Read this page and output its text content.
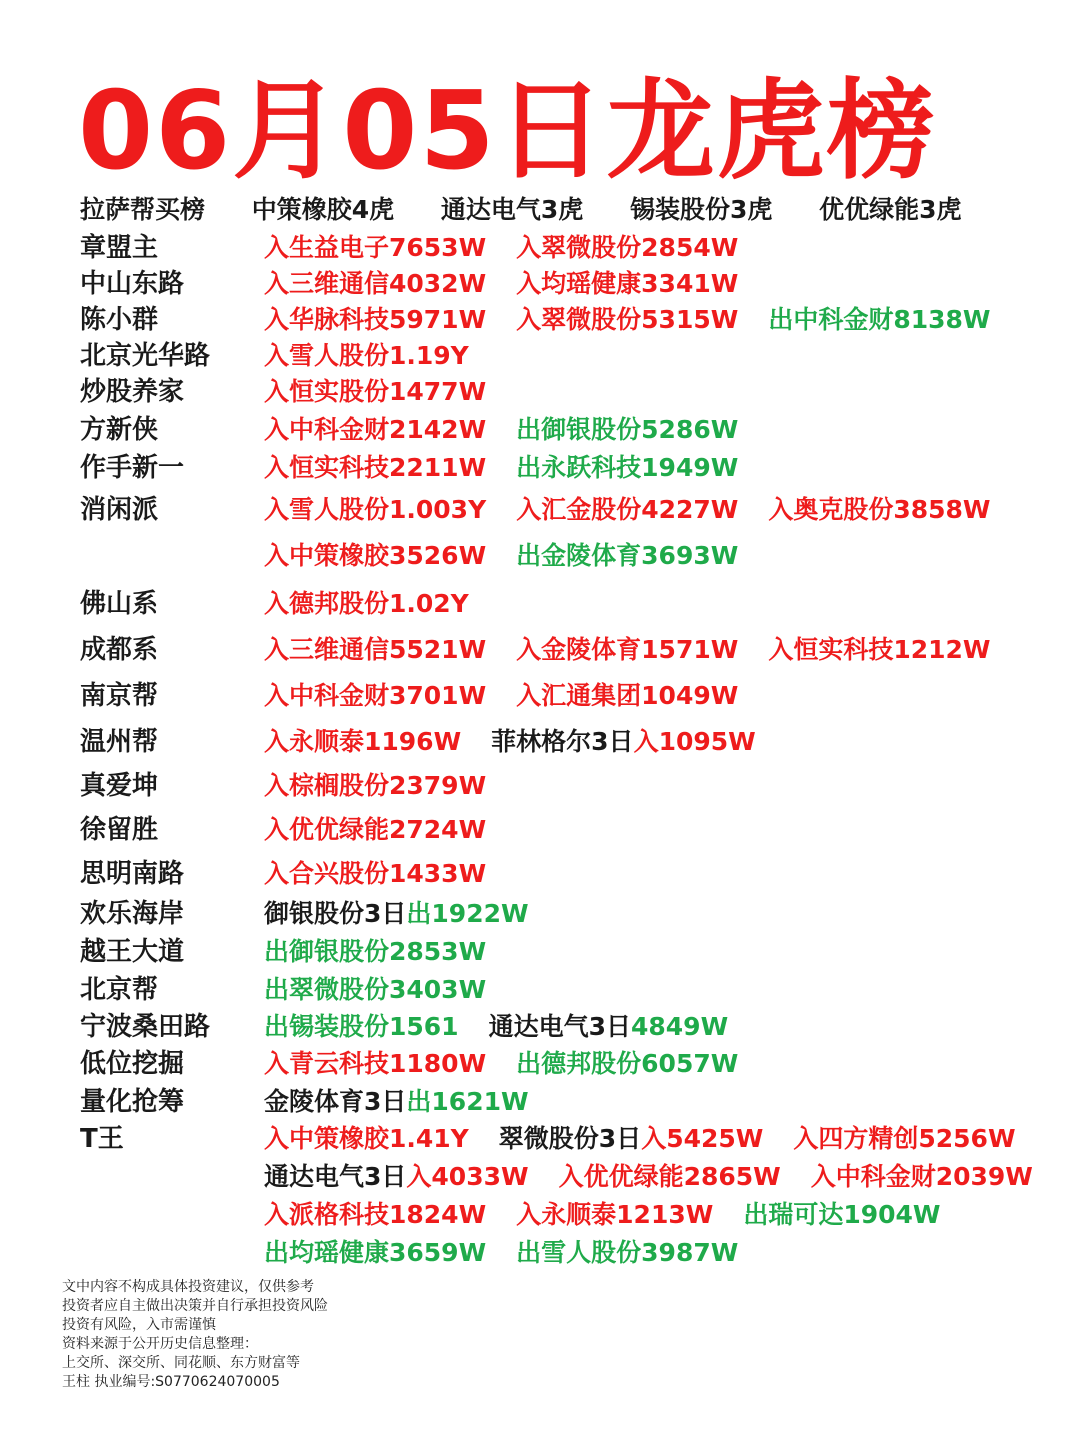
06月05日龙虎榜
拉萨帮买榜 中策橡胶4虎 通达电气3虎 锡装股份3虎 优优绿能3虎
章盟主	入生益电子7653W 入翠微股份2854W
中山东路	入三维通信4032W 入均瑶健康3341W
陈小群	入华脉科技5971W 入翠微股份5315W 出中科金财8138W
北京光华路 入雪人股份1.19Y
炒股养家	入恒实股份1477W
方新侠	入中科金财2142W 出御银股份5286W
作手新一	入恒实科技2211W 出永跃科技1949W
消闲派	入雪人股份1.003Y 入汇金股份4227W 入奥克股份3858W
入中策橡胶3526W 出金陵体育3693W
佛山系	入德邦股份1.02Y
成都系	入三维通信5521W 入金陵体育1571W 入恒实科技1212W
南京帮	入中科金财3701W 入汇通集团1049W
温州帮	入永顺泰1196W 菲林格尔3日入1095W
真爱坤	入棕榈股份2379W
徐留胜	入优优绿能2724W
思明南路	入合兴股份1433W
欢乐海岸	御银股份3日出1922W
越王大道	出御银股份2853W
北京帮	出翠微股份3403W
宁波桑田路 出锡装股份1561 通达电气3日4849W
低位挖掘	入青云科技1180W 出德邦股份6057W
量化抢筹	金陵体育3日出1621W
T王	入中策橡胶1.41Y 翠微股份3日入5425W 入四方精创5256W
通达电气3日入4033W 入优优绿能2865W 入中科金财2039W
入派格科技1824W 入永顺泰1213W 出瑞可达1904W
出均瑶健康3659W 出雪人股份3987W
文中内容不构成具体投资建议，仅供参考
投资者应自主做出决策并自行承担投资风险
投资有风险，入市需谨慎
资料来源于公开历史信息整理：
上交所、深交所、同花顺、东方财富等
王柱 执业编号:S0770624070005
